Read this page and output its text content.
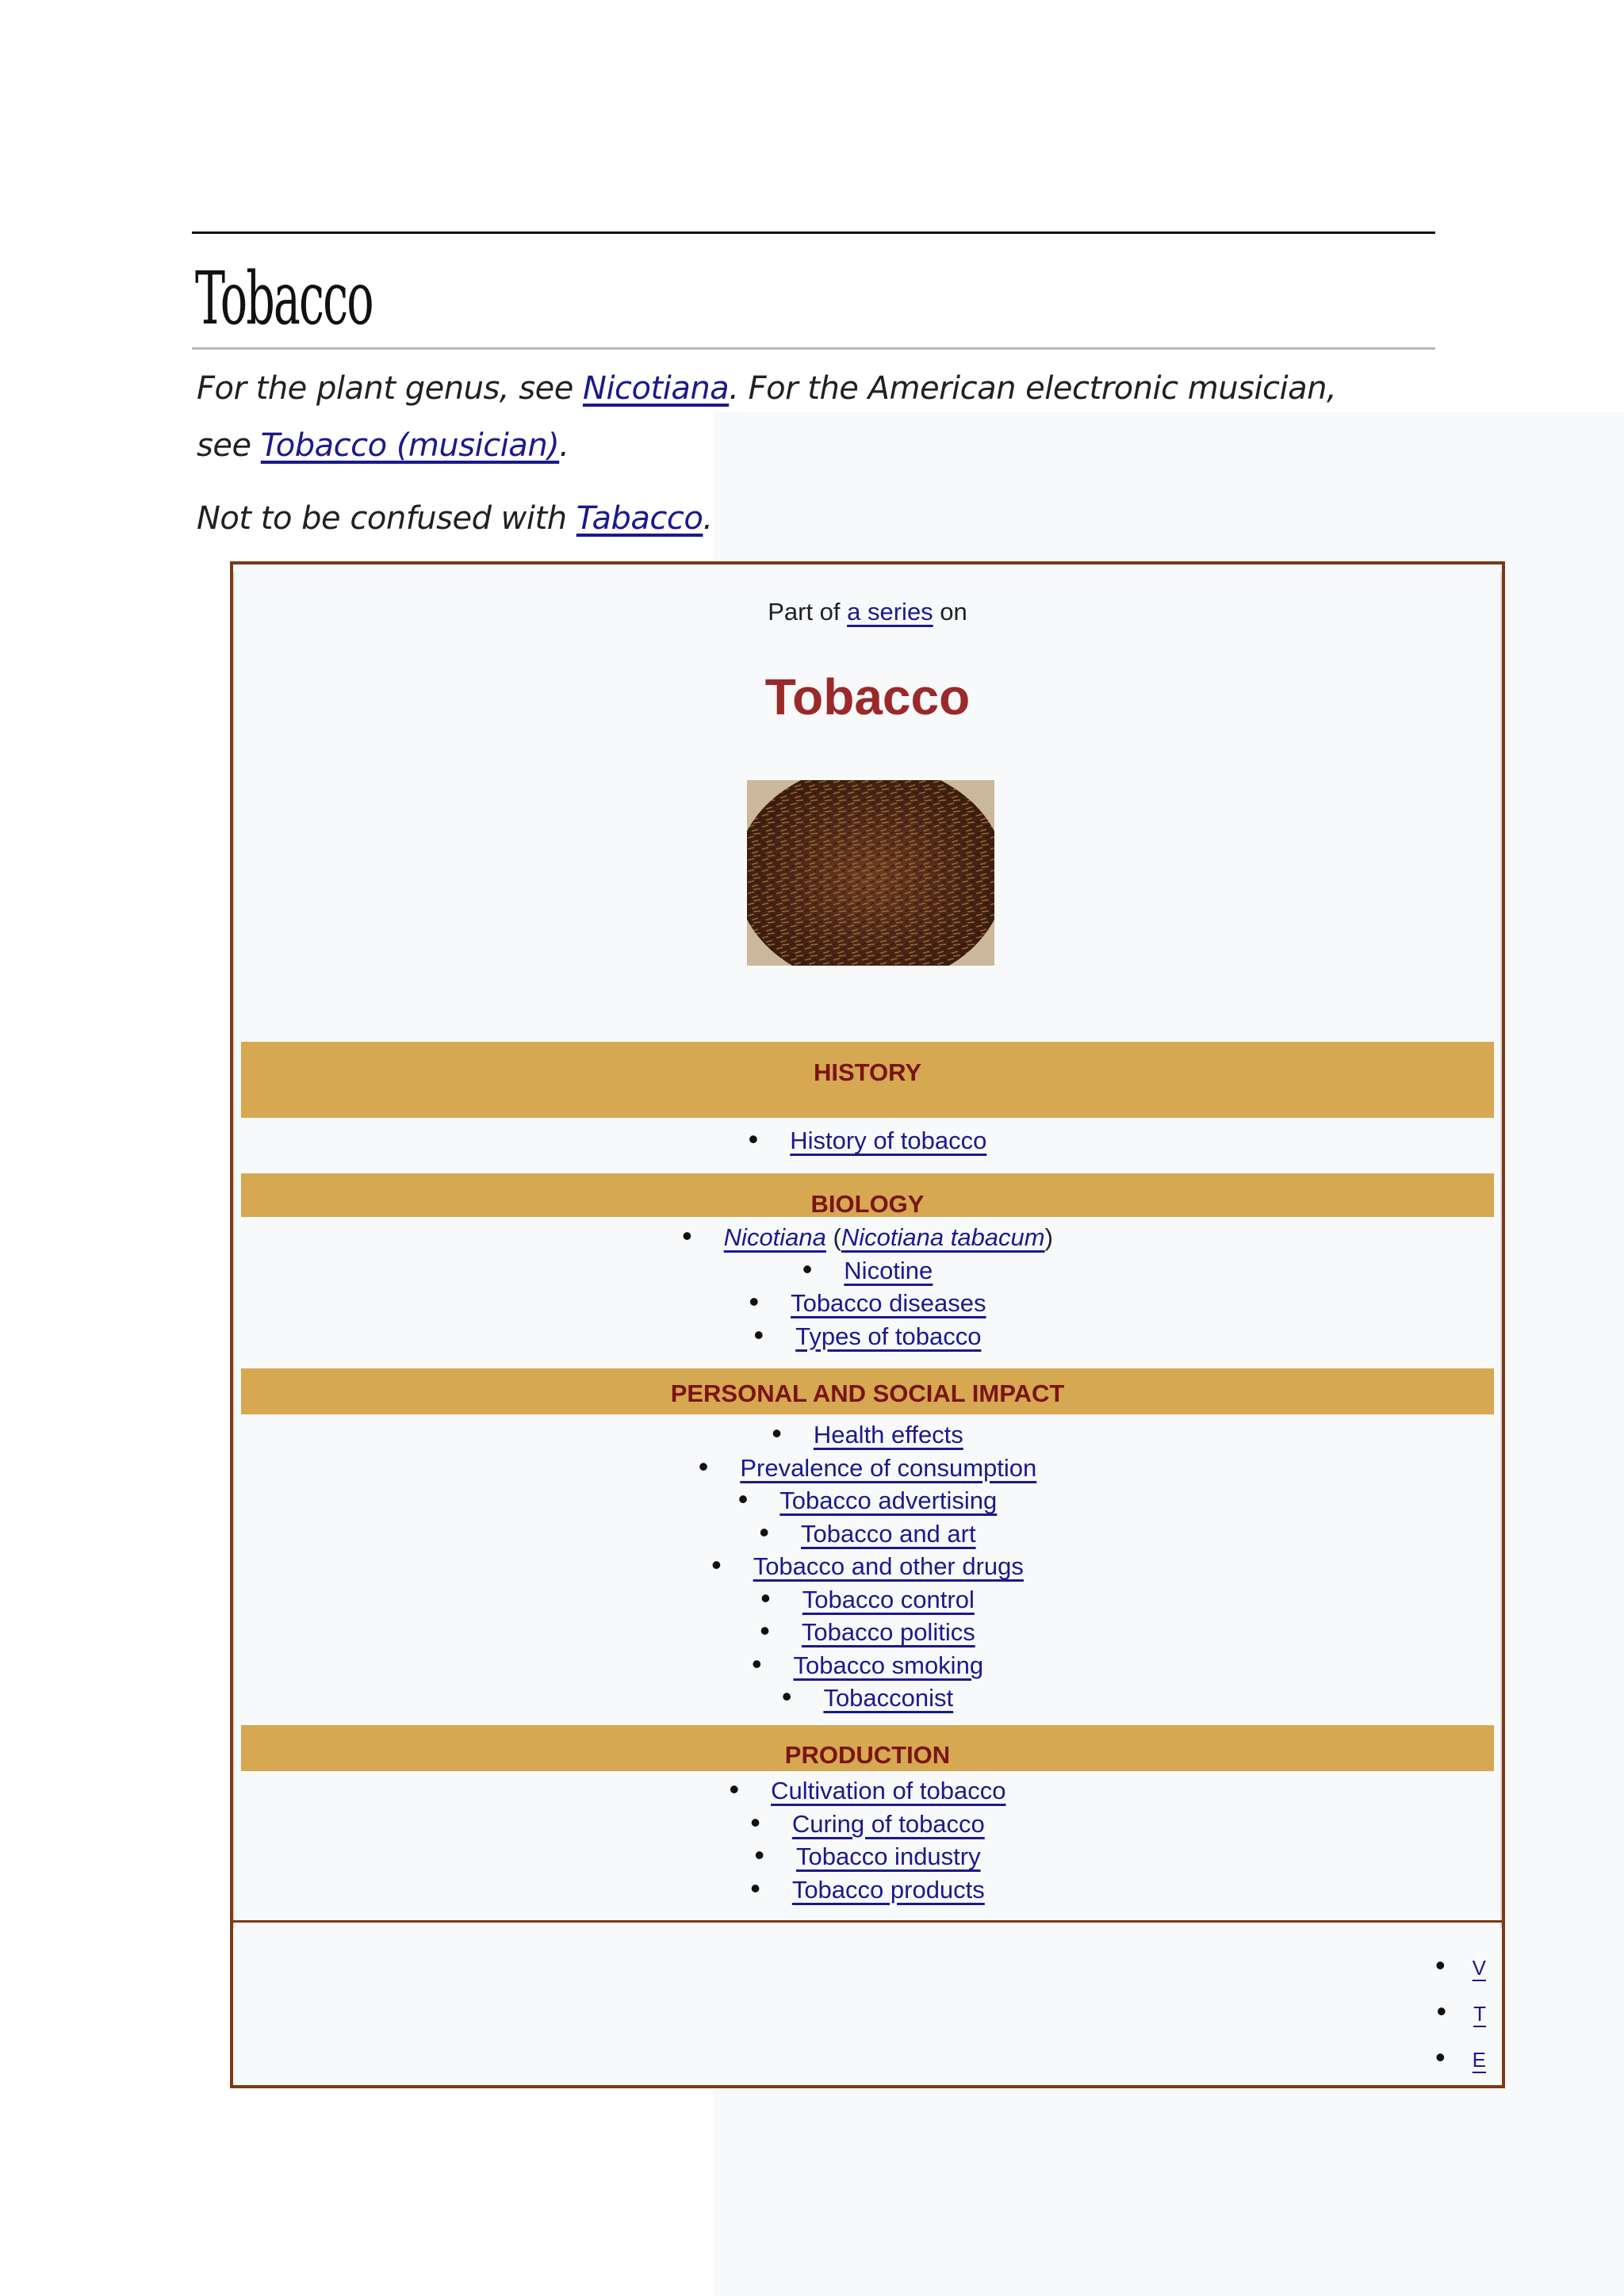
Tobacco

For the plant genus, see Nicotiana. For the American electronic musician,
see Tobacco (musician).

Not to be confused with Tabacco.

Part of a series on
Tobacco
HISTORY
• History of tobacco
BIOLOGY
• Nicotiana (Nicotiana tabacum)
• Nicotine
• Tobacco diseases
• Types of tobacco
PERSONAL AND SOCIAL IMPACT
• Health effects
• Prevalence of consumption
• Tobacco advertising
• Tobacco and art
• Tobacco and other drugs
• Tobacco control
• Tobacco politics
• Tobacco smoking
• Tobacconist
PRODUCTION
• Cultivation of tobacco
• Curing of tobacco
• Tobacco industry
• Tobacco products
• V
• T
• E
